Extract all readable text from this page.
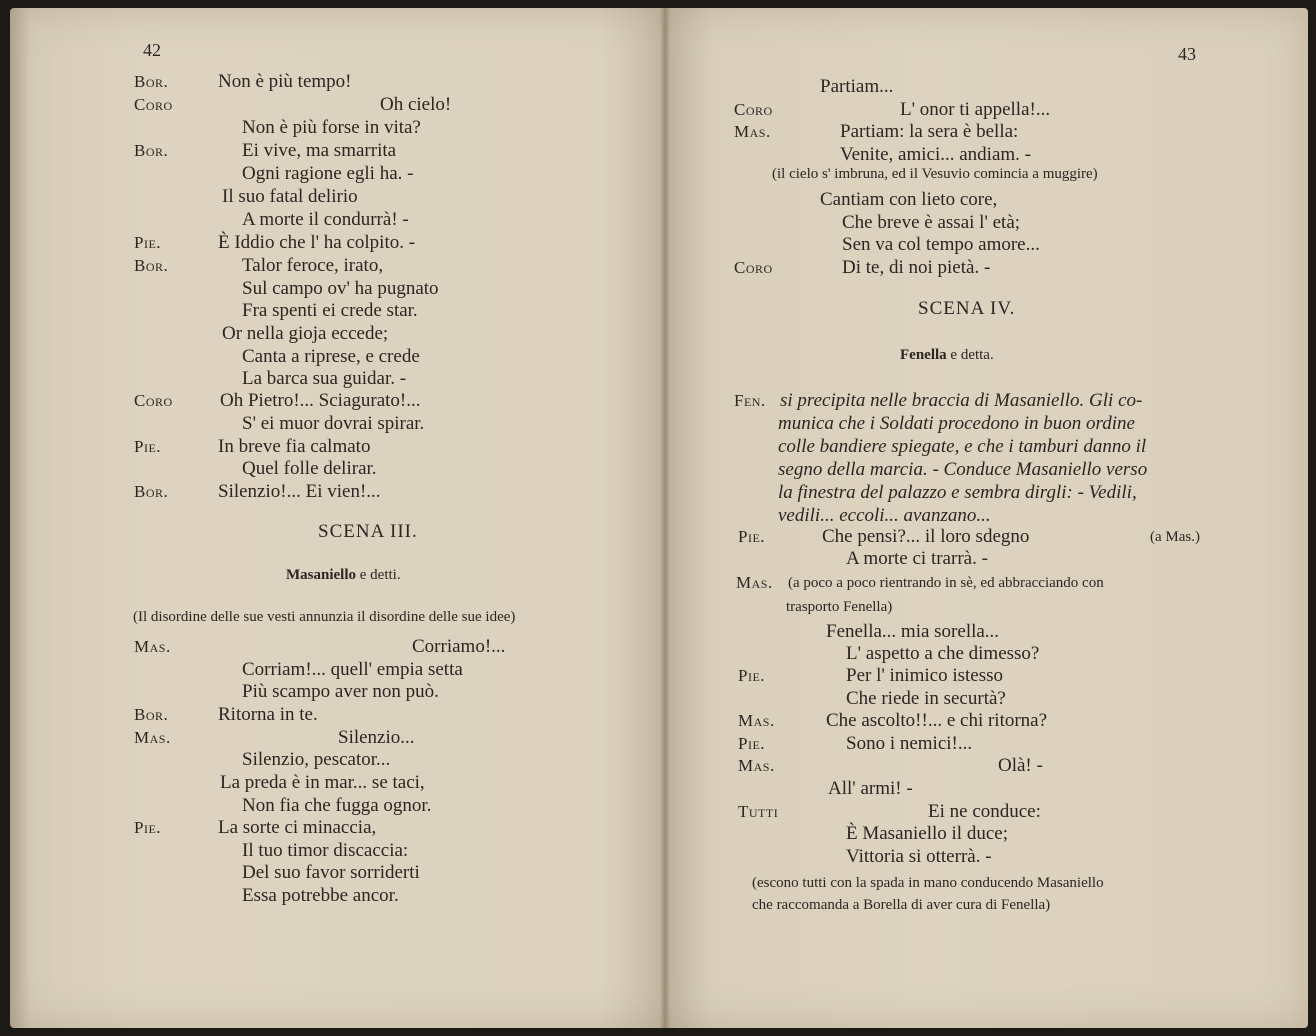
42	43
Bor.	Non è più tempo!
Coro	Oh cielo!
Non è più forse in vita?
Bor.	Ei vive, ma smarrita
Ogni ragione egli ha. -
Il suo fatal delirio
A morte il condurrà! -
Pie.	È Iddio che l' ha colpito. -
Bor.	Talor feroce, irato,
Sul campo ov' ha pugnato
Fra spenti ei crede star.
Or nella gioja eccede;
Canta a riprese, e crede
La barca sua guidar. -
Coro Oh Pietro!... Sciagurato!...
S' ei muor dovrai spirar.
Pie.	In breve fia calmato
Quel folle delirar.
Bor.	Silenzio!... Ei vien!...
SCENA III.
Masaniello e detti.
(Il disordine delle sue vesti annunzia il disordine delle sue idee)
Mas.	Corriamo!...
Corriam!... quell' empia setta
Più scampo aver non può.
Bor.	Ritorna in te.
Mas.	Silenzio...
Silenzio, pescator...
La preda è in mar... se taci,
Non fia che fugga ognor.
Pie.	La sorte ci minaccia,
Il tuo timor discaccia:
Del suo favor sorriderti
Essa potrebbe ancor.
Partiam...
Coro	L' onor ti appella!...
Mas.	Partiam: la sera è bella:
Venite, amici... andiam. -
(il cielo s' imbruna, ed il Vesuvio comincia a muggire)
Cantiam con lieto core,
Che breve è assai l' età;
Sen va col tempo amore...
Coro	Di te, di noi pietà. -
SCENA IV.
Fenella e detta.
Fen. si precipita nelle braccia di Masaniello. Gli co-
munica che i Soldati procedono in buon ordine
colle bandiere spiegate, e che i tamburi danno il
segno della marcia. - Conduce Masaniello verso
la finestra del palazzo e sembra dirgli: - Vedili,
vedili... eccoli... avanzano...
Pie.	Che pensi?... il loro sdegno	(a Mas.)
A morte ci trarrà. -
Mas. (a poco a poco rientrando in sè, ed abbracciando con
trasporto Fenella)
Fenella... mia sorella...
L' aspetto a che dimesso?
Pie.	Per l' inimico istesso
Che riede in securtà?
Mas.	Che ascolto!!... e chi ritorna?
Pie.	Sono i nemici!...
Mas.	Olà! -
All' armi! -
Tutti	Ei ne conduce:
È Masaniello il duce;
Vittoria si otterrà. -
(escono tutti con la spada in mano conducendo Masaniello
che raccomanda a Borella di aver cura di Fenella)
